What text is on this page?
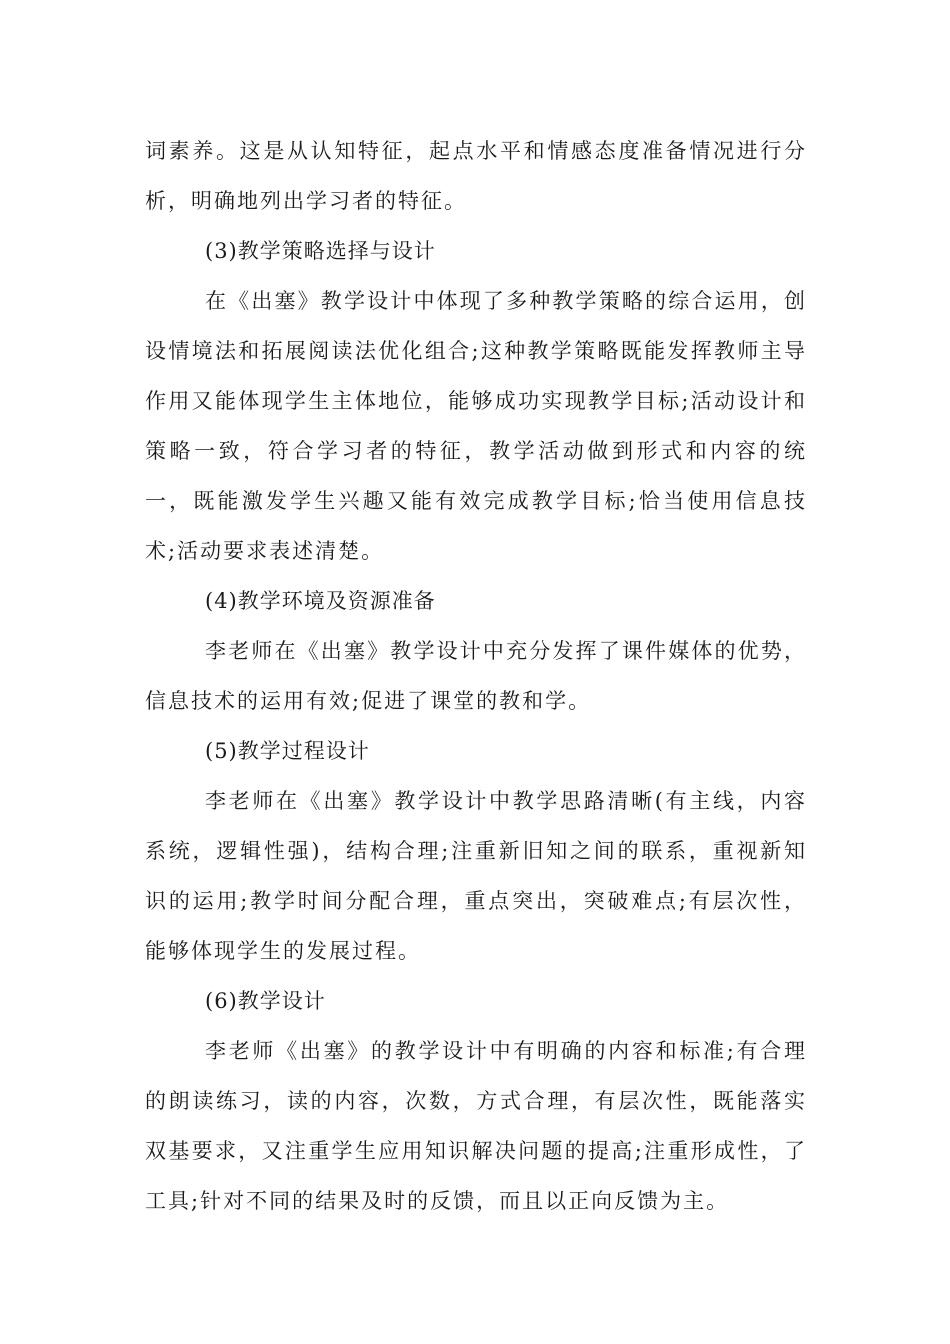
词素养。这是从认知特征，起点水平和情感态度准备情况进行分析，明确地列出学习者的特征。

(3)教学策略选择与设计

在《出塞》教学设计中体现了多种教学策略的综合运用，创设情境法和拓展阅读法优化组合;这种教学策略既能发挥教师主导作用又能体现学生主体地位，能够成功实现教学目标;活动设计和策略一致，符合学习者的特征，教学活动做到形式和内容的统一，既能激发学生兴趣又能有效完成教学目标;恰当使用信息技术;活动要求表述清楚。

(4)教学环境及资源准备

李老师在《出塞》教学设计中充分发挥了课件媒体的优势，信息技术的运用有效;促进了课堂的教和学。

(5)教学过程设计

李老师在《出塞》教学设计中教学思路清晰(有主线，内容系统，逻辑性强)，结构合理;注重新旧知之间的联系，重视新知识的运用;教学时间分配合理，重点突出，突破难点;有层次性，能够体现学生的发展过程。

(6)教学设计

李老师《出塞》的教学设计中有明确的内容和标准;有合理的朗读练习，读的内容，次数，方式合理，有层次性，既能落实双基要求，又注重学生应用知识解决问题的提高;注重形成性，了工具;针对不同的结果及时的反馈，而且以正向反馈为主。
